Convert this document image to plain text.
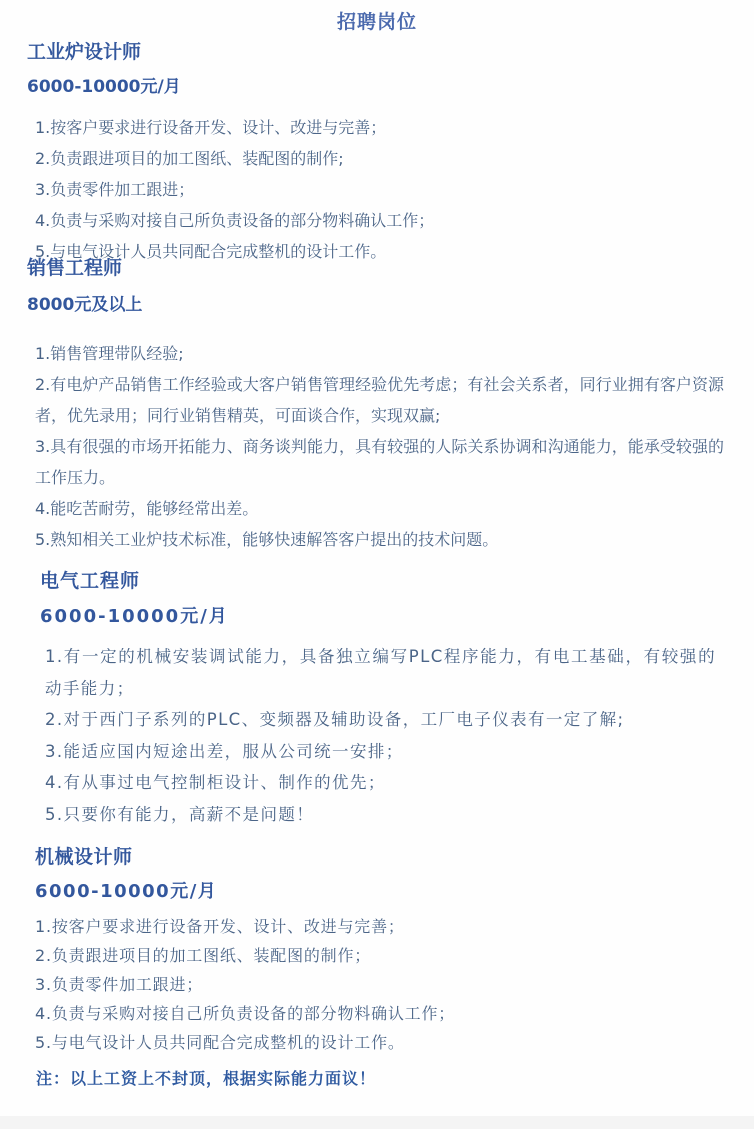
招聘岗位
工业炉设计师
6000-10000元/月
1.按客户要求进行设备开发、设计、改进与完善；
2.负责跟进项目的加工图纸、装配图的制作;
3.负责零件加工跟进；
4.负责与采购对接自己所负责设备的部分物料确认工作；
5.与电气设计人员共同配合完成整机的设计工作。
销售工程师
8000元及以上
1.销售管理带队经验;
2.有电炉产品销售工作经验或大客户销售管理经验优先考虑；有社会关系者，同行业拥有客户资源者，优先录用；同行业销售精英，可面谈合作，实现双赢;
3.具有很强的市场开拓能力、商务谈判能力，具有较强的人际关系协调和沟通能力，能承受较强的工作压力。
4.能吃苦耐劳，能够经常出差。
5.熟知相关工业炉技术标准，能够快速解答客户提出的技术问题。
电气工程师
6000-10000元/月
1.有一定的机械安装调试能力，具备独立编写PLC程序能力，有电工基础，有较强的动手能力；
2.对于西门子系列的PLC、变频器及辅助设备，工厂电子仪表有一定了解;
3.能适应国内短途出差，服从公司统一安排；
4.有从事过电气控制柜设计、制作的优先；
5.只要你有能力，高薪不是问题！
机械设计师
6000-10000元/月
1.按客户要求进行设备开发、设计、改进与完善；
2.负责跟进项目的加工图纸、装配图的制作；
3.负责零件加工跟进；
4.负责与采购对接自己所负责设备的部分物料确认工作；
5.与电气设计人员共同配合完成整机的设计工作。
注：以上工资上不封顶，根据实际能力面议！
